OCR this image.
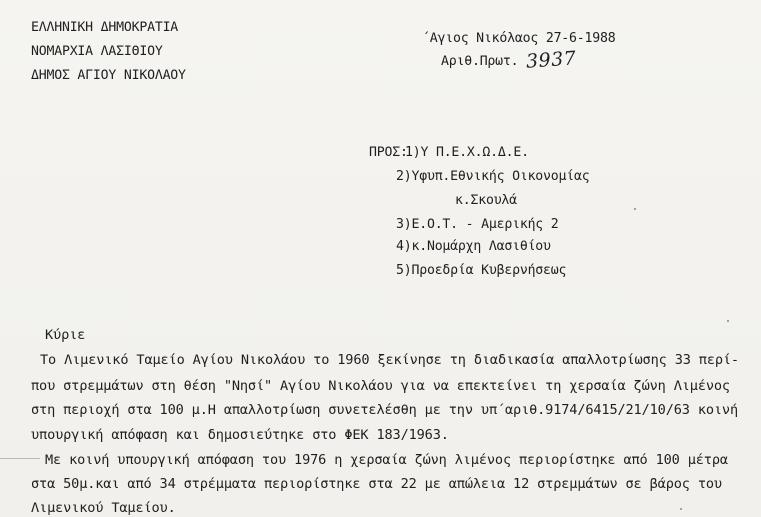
ΕΛΛΗΝΙΚΗ ΔΗΜΟΚΡΑΤΙΑ
ΝΟΜΑΡΧΙΑ ΛΑΣΙΘΙΟΥ
ΔΗΜΟΣ ΑΓΙΟΥ ΝΙΚΟΛΑΟΥ
΄Αγιος Νικόλαος 27-6-1988
Αριθ.Πρωτ. 3937
ΠΡΟΣ:
1)Υ Π.Ε.Χ.Ω.Δ.Ε.
2)Υφυπ.Εθνικής Οικονομίας
κ.Σκουλά
3)Ε.Ο.Τ. - Αμερικής 2
4)κ.Νομάρχη Λασιθίου
5)Προεδρία Κυβερνήσεως
Κύριε
Το Λιμενικό Ταμείο Αγίου Νικολάου το 1960 ξεκίνησε τη διαδικασία απαλλοτρίωσης 33 περί-
που στρεμμάτων στη θέση "Νησί" Αγίου Νικολάου για να επεκτείνει τη χερσαία ζώνη Λιμένος
στη περιοχή στα 100 μ.Η απαλλοτρίωση συνετελέσθη με την υπ΄αριθ.9174/6415/21/10/63 κοινή
υπουργική απόφαση και δημοσιεύτηκε στο ΦΕΚ 183/1963.
Με κοινή υπουργική απόφαση του 1976 η χερσαία ζώνη λιμένος περιορίστηκε από 100 μέτρα
στα 50μ.και από 34 στρέμματα περιορίστηκε στα 22 με απώλεια 12 στρεμμάτων σε βάρος του
Λιμενικού Ταμείου.
